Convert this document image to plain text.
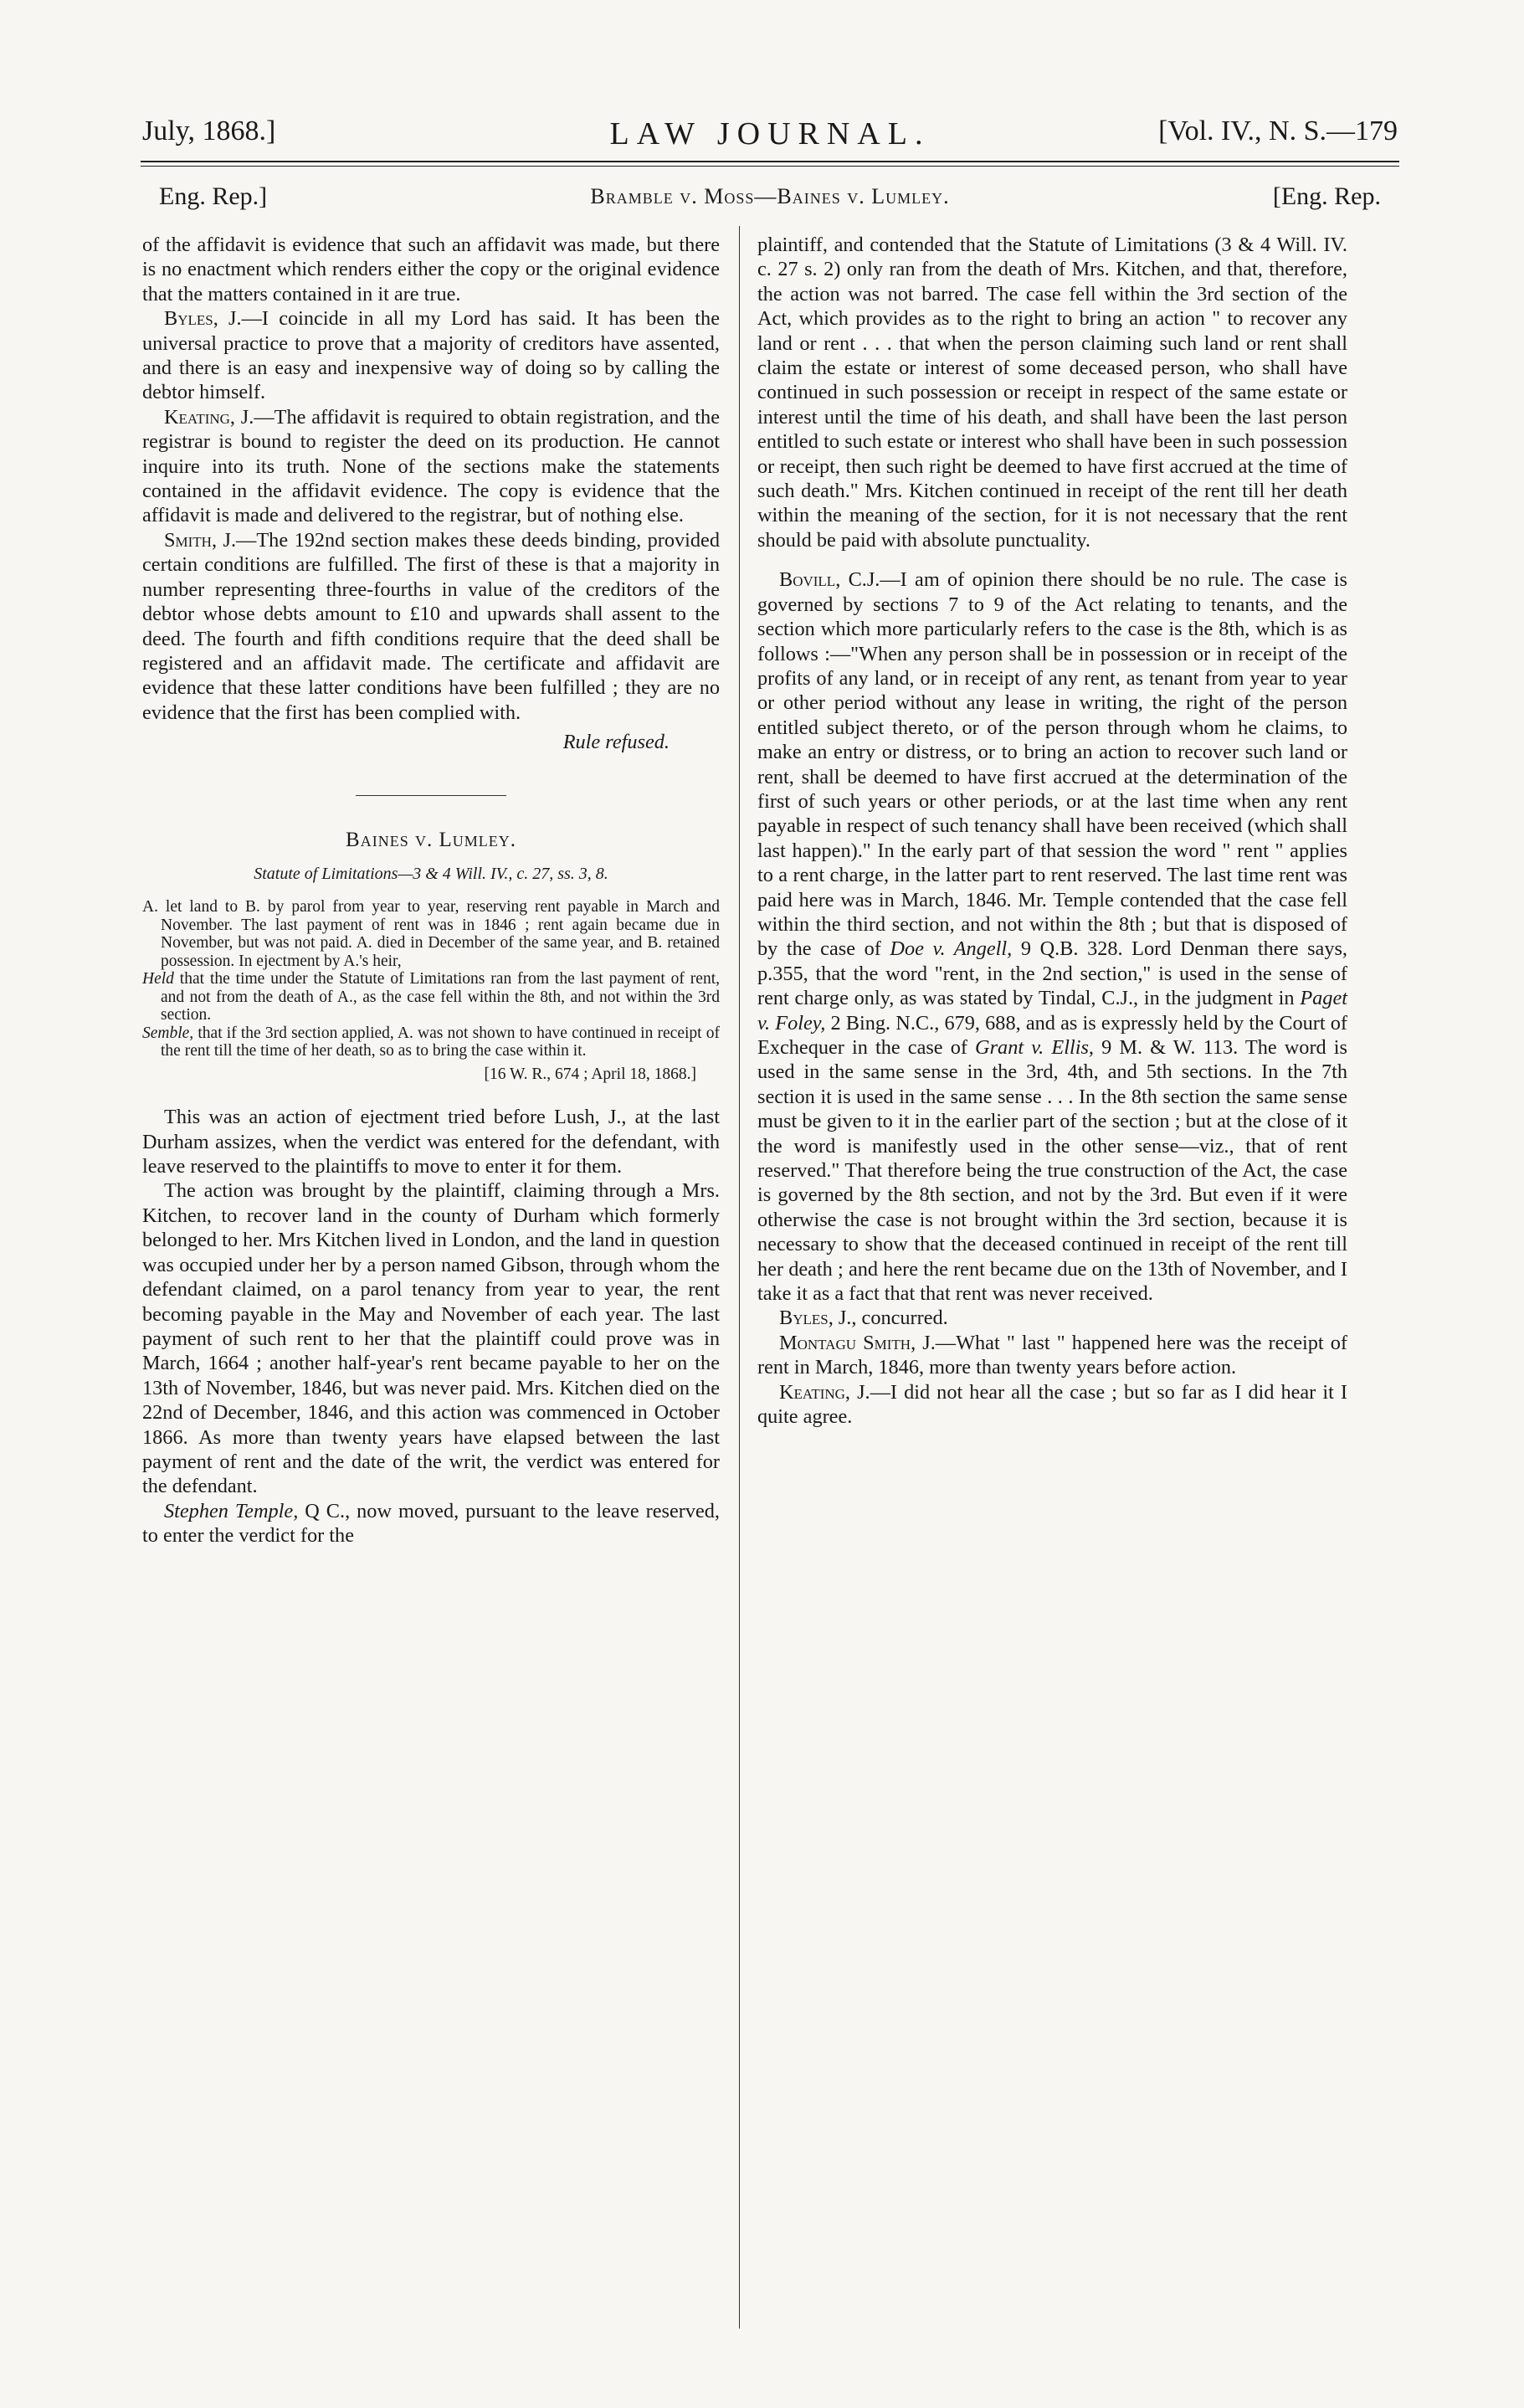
July, 1868.]	LAW JOURNAL.	[Vol. IV., N. S.—179
Eng. Rep.]	Bramble v. Moss—Baines v. Lumley.	[Eng. Rep.

of the affidavit is evidence that such an affidavit was made, but there is no enactment which renders either the copy or the original evidence that the matters contained in it are true.

Byles, J.—I coincide in all my Lord has said. It has been the universal practice to prove that a majority of creditors have assented, and there is an easy and inexpensive way of doing so by calling the debtor himself.

Keating, J.—The affidavit is required to obtain registration, and the registrar is bound to register the deed on its production. He cannot inquire into its truth. None of the sections make the statements contained in the affidavit evidence. The copy is evidence that the affidavit is made and delivered to the registrar, but of nothing else.

Smith, J.—The 192nd section makes these deeds binding, provided certain conditions are fulfilled. The first of these is that a majority in number representing three-fourths in value of the creditors of the debtor whose debts amount to £10 and upwards shall assent to the deed. The fourth and fifth conditions require that the deed shall be registered and an affidavit made. The certificate and affidavit are evidence that these latter conditions have been fulfilled ; they are no evidence that the first has been complied with.

Rule refused.
Baines v. Lumley.
Statute of Limitations—3 & 4 Will. IV., c. 27, ss. 3, 8.

A. let land to B. by parol from year to year, reserving rent payable in March and November. The last payment of rent was in 1846 ; rent again became due in November, but was not paid. A. died in December of the same year, and B. retained possession. In ejectment by A.'s heir,

Held that the time under the Statute of Limitations ran from the last payment of rent, and not from the death of A., as the case fell within the 8th, and not within the 3rd section.

Semble, that if the 3rd section applied, A. was not shown to have continued in receipt of the rent till the time of her death, so as to bring the case within it.

[16 W. R., 674 ; April 18, 1868.]

This was an action of ejectment tried before Lush, J., at the last Durham assizes, when the verdict was entered for the defendant, with leave reserved to the plaintiffs to move to enter it for them.

The action was brought by the plaintiff, claiming through a Mrs. Kitchen, to recover land in the county of Durham which formerly belonged to her. Mrs Kitchen lived in London, and the land in question was occupied under her by a person named Gibson, through whom the defendant claimed, on a parol tenancy from year to year, the rent becoming payable in the May and November of each year. The last payment of such rent to her that the plaintiff could prove was in March, 1664 ; another half-year's rent became payable to her on the 13th of November, 1846, but was never paid. Mrs. Kitchen died on the 22nd of December, 1846, and this action was commenced in October 1866. As more than twenty years have elapsed between the last payment of rent and the date of the writ, the verdict was entered for the defendant.

Stephen Temple, Q C., now moved, pursuant to the leave reserved, to enter the verdict for the

plaintiff, and contended that the Statute of Limitations (3 & 4 Will. IV. c. 27 s. 2) only ran from the death of Mrs. Kitchen, and that, therefore, the action was not barred. The case fell within the 3rd section of the Act, which provides as to the right to bring an action " to recover any land or rent . . . that when the person claiming such land or rent shall claim the estate or interest of some deceased person, who shall have continued in such possession or receipt in respect of the same estate or interest until the time of his death, and shall have been the last person entitled to such estate or interest who shall have been in such possession or receipt, then such right be deemed to have first accrued at the time of such death." Mrs. Kitchen continued in receipt of the rent till her death within the meaning of the section, for it is not necessary that the rent should be paid with absolute punctuality.

Bovill, C.J.—I am of opinion there should be no rule. The case is governed by sections 7 to 9 of the Act relating to tenants, and the section which more particularly refers to the case is the 8th, which is as follows :—"When any person shall be in possession or in receipt of the profits of any land, or in receipt of any rent, as tenant from year to year or other period without any lease in writing, the right of the person entitled subject thereto, or of the person through whom he claims, to make an entry or distress, or to bring an action to recover such land or rent, shall be deemed to have first accrued at the determination of the first of such years or other periods, or at the last time when any rent payable in respect of such tenancy shall have been received (which shall last happen)." In the early part of that session the word " rent " applies to a rent charge, in the latter part to rent reserved. The last time rent was paid here was in March, 1846. Mr. Temple contended that the case fell within the third section, and not within the 8th ; but that is disposed of by the case of Doe v. Angell, 9 Q.B. 328. Lord Denman there says, p.355, that the word "rent, in the 2nd section," is used in the sense of rent charge only, as was stated by Tindal, C.J., in the judgment in Paget v. Foley, 2 Bing. N.C., 679, 688, and as is expressly held by the Court of Exchequer in the case of Grant v. Ellis, 9 M. & W. 113. The word is used in the same sense in the 3rd, 4th, and 5th sections. In the 7th section it is used in the same sense . . . In the 8th section the same sense must be given to it in the earlier part of the section ; but at the close of it the word is manifestly used in the other sense—viz., that of rent reserved." That therefore being the true construction of the Act, the case is governed by the 8th section, and not by the 3rd. But even if it were otherwise the case is not brought within the 3rd section, because it is necessary to show that the deceased continued in receipt of the rent till her death ; and here the rent became due on the 13th of November, and I take it as a fact that that rent was never received.

Byles, J., concurred.

Montagu Smith, J.—What " last " happened here was the receipt of rent in March, 1846, more than twenty years before action.

Keating, J.—I did not hear all the case ; but so far as I did hear it I quite agree.
